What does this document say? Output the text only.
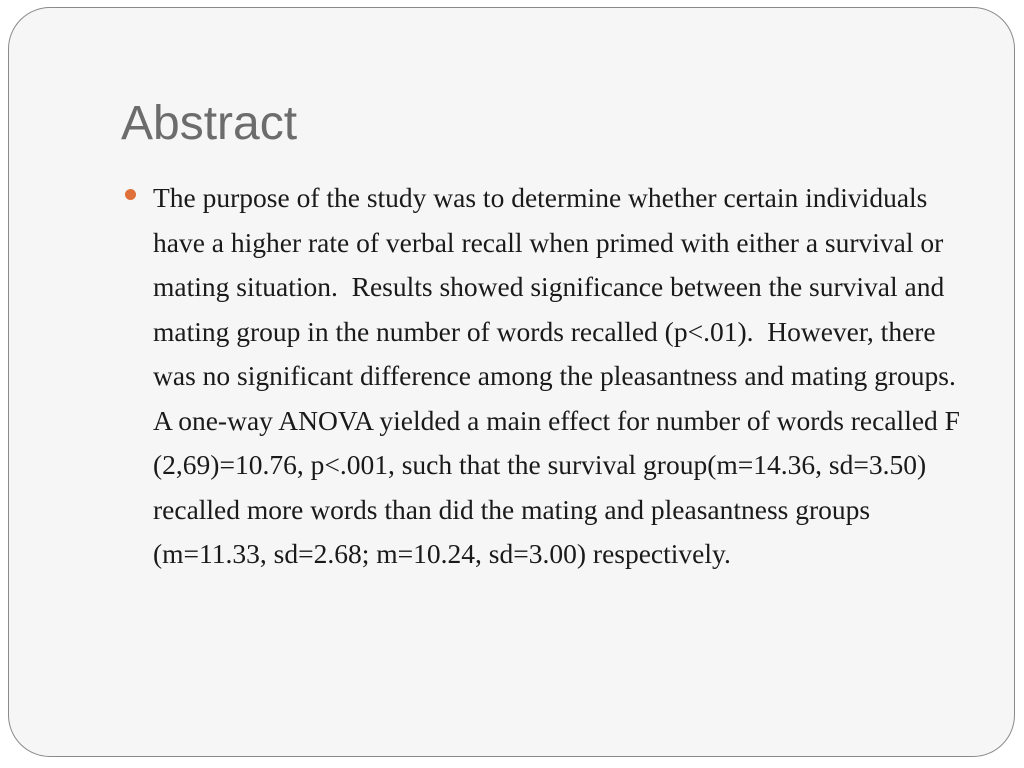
Abstract
The purpose of the study was to determine whether certain individuals have a higher rate of verbal recall when primed with either a survival or mating situation.  Results showed significance between the survival and mating group in the number of words recalled (p<.01).  However, there was no significant difference among the pleasantness and mating groups.  A one-way ANOVA yielded a main effect for number of words recalled F (2,69)=10.76, p<.001, such that the survival group(m=14.36, sd=3.50) recalled more words than did the mating and pleasantness groups (m=11.33, sd=2.68; m=10.24, sd=3.00) respectively.
